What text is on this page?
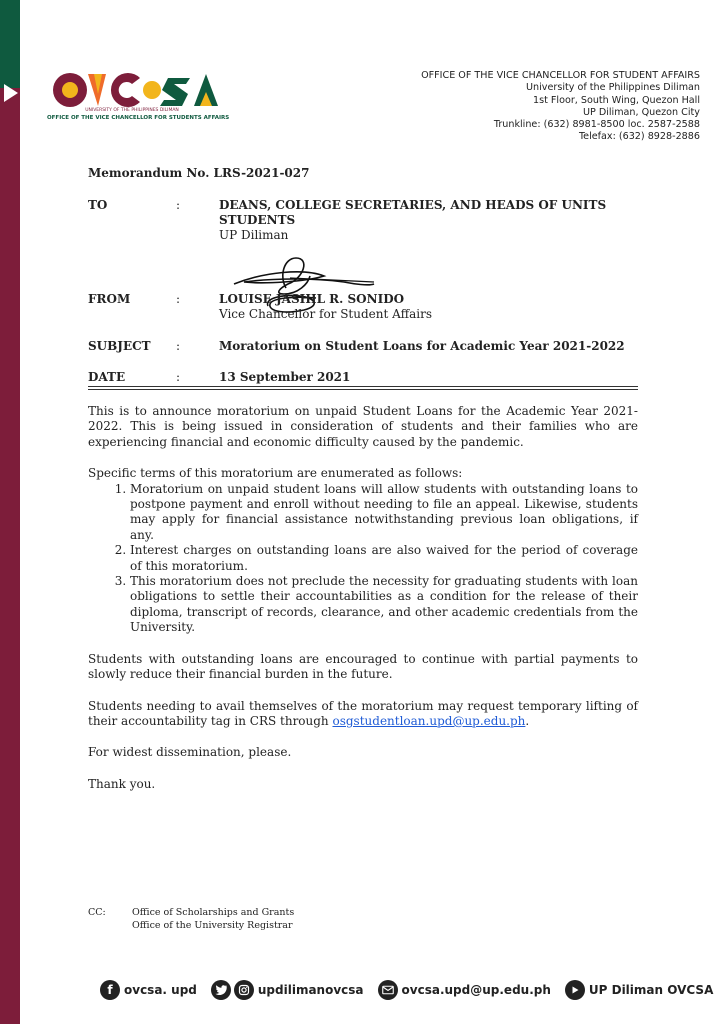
OVCSA
UNIVERSITY OF THE PHILIPPINES DILIMAN
OFFICE OF THE VICE CHANCELLOR FOR STUDENTS AFFAIRS
OFFICE OF THE VICE CHANCELLOR FOR STUDENT AFFAIRS
University of the Philippines Diliman
1st Floor, South Wing, Quezon Hall
UP Diliman, Quezon City
Trunkline: (632) 8981-8500 loc. 2587-2588
Telefax: (632) 8928-2886
Memorandum No. LRS-2021-027
TO	:	DEANS, COLLEGE SECRETARIES, AND HEADS OF UNITS
STUDENTS
UP Diliman
FROM	:	LOUISE JASHIL R. SONIDO
Vice Chancellor for Student Affairs
SUBJECT	:	Moratorium on Student Loans for Academic Year 2021-2022
DATE	:	13 September 2021

This is to announce moratorium on unpaid Student Loans for the Academic Year 2021-2022. This is being issued in consideration of students and their families who are experiencing financial and economic difficulty caused by the pandemic.

Specific terms of this moratorium are enumerated as follows:

1. Moratorium on unpaid student loans will allow students with outstanding loans to postpone payment and enroll without needing to file an appeal. Likewise, students may apply for financial assistance notwithstanding previous loan obligations, if any.
2. Interest charges on outstanding loans are also waived for the period of coverage of this moratorium.
3. This moratorium does not preclude the necessity for graduating students with loan obligations to settle their accountabilities as a condition for the release of their diploma, transcript of records, clearance, and other academic credentials from the University.

Students with outstanding loans are encouraged to continue with partial payments to slowly reduce their financial burden in the future.

Students needing to avail themselves of the moratorium may request temporary lifting of their accountability tag in CRS through osgstudentloan.upd@up.edu.ph.

For widest dissemination, please.

Thank you.

CC:	Office of Scholarships and Grants
Office of the University Registrar
f ovcsa. upd	updilimanovcsa	ovcsa.upd@up.edu.ph	UP Diliman OVCSA
